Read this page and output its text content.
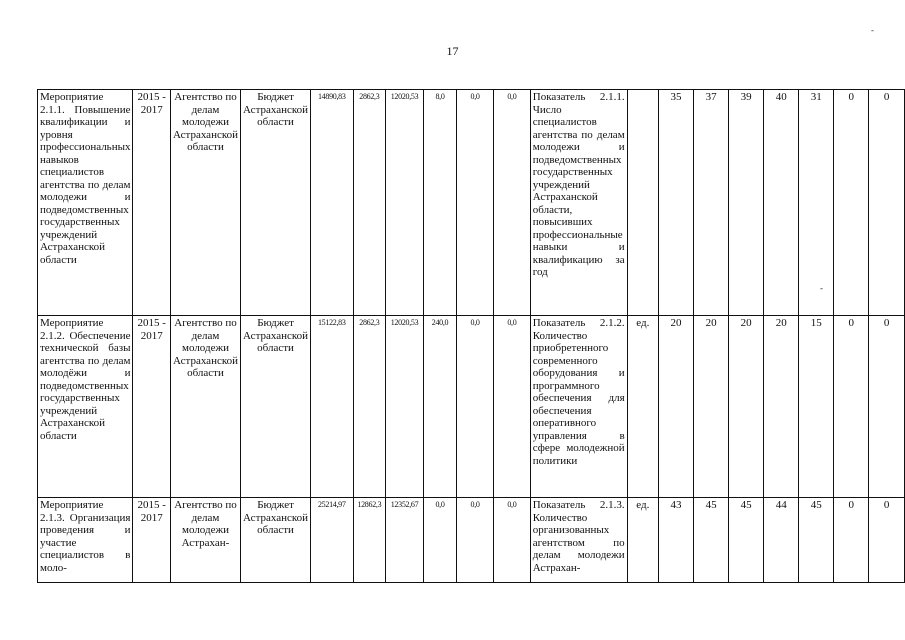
17
Мероприятие 2.1.1. Повышение квалификации и уровня профессиональных навыков специалистов агентства по делам молодежи и подведомственных государственных учреждений Астраханской области	2015 - 2017	Агентство по делам молодежи Астраханской области	Бюджет Астраханской области	14890,83	2862,3	12020,53	8,0	0,0	0,0	Показатель 2.1.1. Число специалистов агентства по делам молодежи и подведомственных государственных учреждений Астраханской области, повысивших профессиональные навыки и квалификацию за год		35	37	39	40	31	0	0
Мероприятие 2.1.2. Обеспечение технической базы агентства по делам молодёжи и подведомственных государственных учреждений Астраханской области	2015 - 2017	Агентство по делам молодежи Астраханской области	Бюджет Астраханской области	15122,83	2862,3	12020,53	240,0	0,0	0,0	Показатель 2.1.2. Количество приобретенного современного оборудования и программного обеспечения для обеспечения оперативного управления в сфере молодежной политики	ед.	20	20	20	20	15	0	0
Мероприятие 2.1.3. Организация проведения и участие специалистов в моло-	2015 - 2017	Агентство по делам молодежи Астрахан-	Бюджет Астраханской области	25214,97	12862,3	12352,67	0,0	0,0	0,0	Показатель 2.1.3. Количество организованных агентством по делам молодежи Астрахан-	ед.	43	45	45	44	45	0	0
-
-
